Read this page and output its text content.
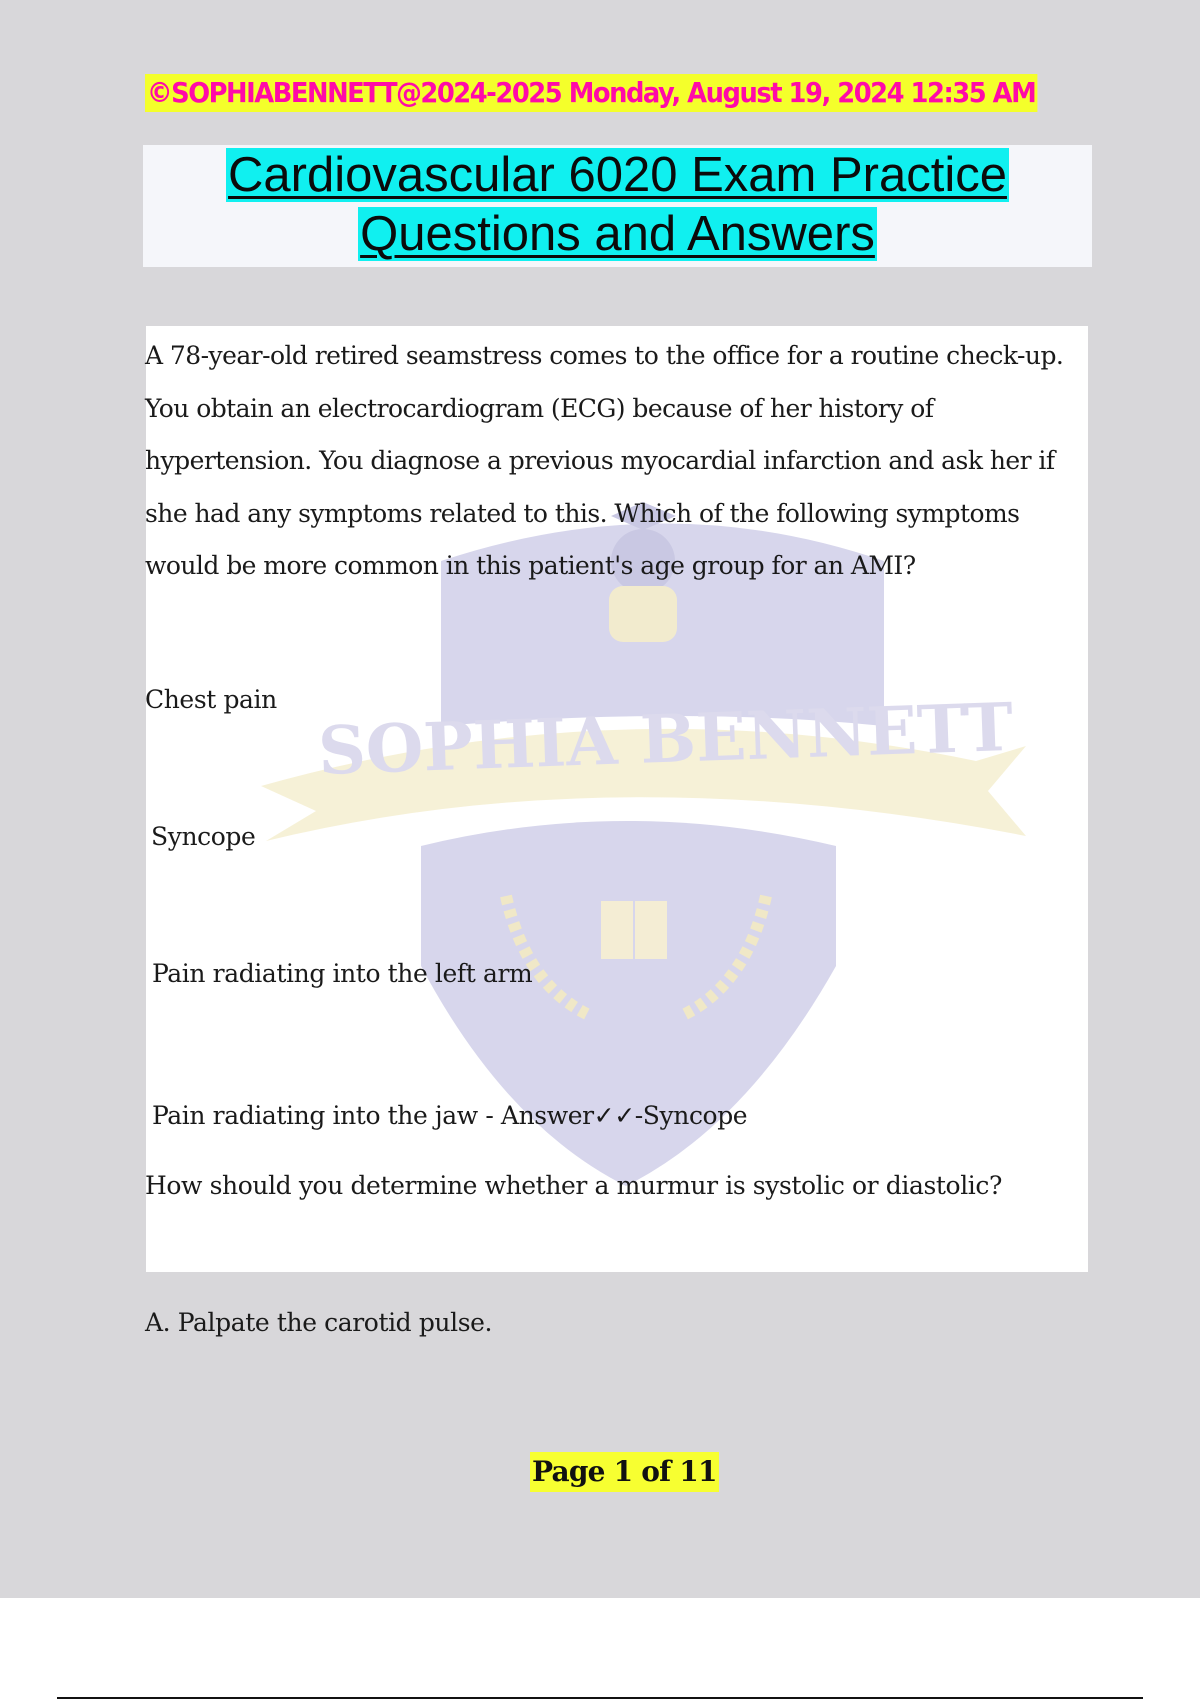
©SOPHIABENNETT@2024-2025 Monday, August 19, 2024 12:35 AM
Cardiovascular 6020 Exam Practice
Questions and Answers
SOPHIA BENNETT
A 78-year-old retired seamstress comes to the office for a routine check-up.
You obtain an electrocardiogram (ECG) because of her history of
hypertension. You diagnose a previous myocardial infarction and ask her if
she had any symptoms related to this. Which of the following symptoms
would be more common in this patient's age group for an AMI?
Chest pain
Syncope
Pain radiating into the left arm
Pain radiating into the jaw - Answer✓✓-Syncope
How should you determine whether a murmur is systolic or diastolic?
A. Palpate the carotid pulse.
Page 1 of 11
